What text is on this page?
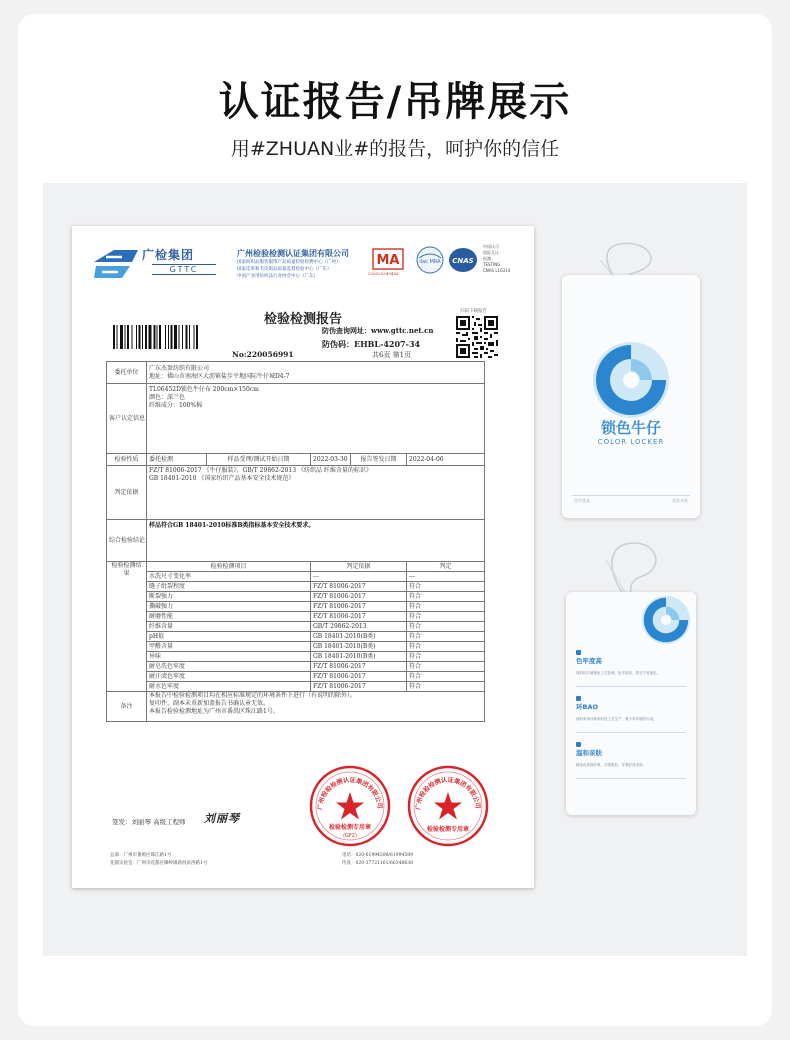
认证报告/吊牌展示
用#ZHUAN业#的报告，呵护你的信任
广检集团
GTTC
广州检验检测认证集团有限公司
国家纺织品服装服饰产品质量检验检测中心（广州）
国家皮革和毛皮制品质量监督检验中心（广东）
中国产业用纺织品行业协会中心（广东）
MA
220020349456
ilac MRA CNAS
中国认可
国际互认
检测
TESTING
CNAS L16314
检验检测报告
扫码下载报告
防伪查询网址：www.gttc.net.cn
防伪码：EHBL-4207-34
No:220056991	共6页 第1页
委托单位	广东杰盈纺织有限公司
地址：佛山市南海区大沥镇盐步平地国际牛仔城D4-7				

客户认定信息	TL06452D锁色牛仔布 200cm×150cm
颜色：深兰色
纤维成分：100%棉				

检验性质	委托检测	样品受理/测试开始日期	2022-03-30	报告签发日期	2022-04-06
判定依据	FZ/T 81006-2017 《牛仔服装》，GB/T 29862-2013 《纺织品 纤维含量的标识》
GB 18401-2010 《国家纺织产品基本安全技术规范》				

综合检验结论	样品符合GB 18401-2010标准B类指标基本安全技术要求。				
检验检测结果	检验检测项目		判定依据		判定
	水洗尺寸变化率		---		---
	缝子纰裂程度		FZ/T 81006-2017		符合
	断裂强力		FZ/T 81006-2017		符合
	撕破强力		FZ/T 81006-2017		符合
	耐磨性能		FZ/T 81006-2017		符合
	纤维含量		GB/T 29862-2013		符合
	pH值		GB 18401-2010(B类)		符合
	甲醛含量		GB 18401-2010(B类)		符合
	异味		GB 18401-2010(B类)		符合
	耐皂洗色牢度		FZ/T 81006-2017		符合
	耐汗渍色牢度		FZ/T 81006-2017		符合
	耐水色牢度		FZ/T 81006-2017		符合
备注	本报告中检验检测项目均在相应标准规定的环境条件下进行（有说明的除外）。
复印件、副本未重新加盖报告书确认章无效。
本报告检验检测地址为广州市番禺区珠江路1号。				
签发：刘丽琴 高级工程师 刘丽琴
广州检验检测认证集团有限公司
检验检测专用章
(GF2)
广州检验检测认证集团有限公司
检验检测专用章
总部：广州市番禺区珠江路1号
花都实验室：广州市花都区狮岭镇新河滨西路1号
电话：020-61994598/61994599
传真：020-37721161/66348638
锁色牛仔
COLOR LOCKER
色牢度高	柔软亲肤
色牢度高
面料经专属锁色工艺处理，色牢度高，洗后不易褪色。
环BAO
面料采用环保染料及工艺生产，减少对环境的污染。
温和亲肤
精选优质棉纤维，手感柔软，穿着舒适亲肤。
